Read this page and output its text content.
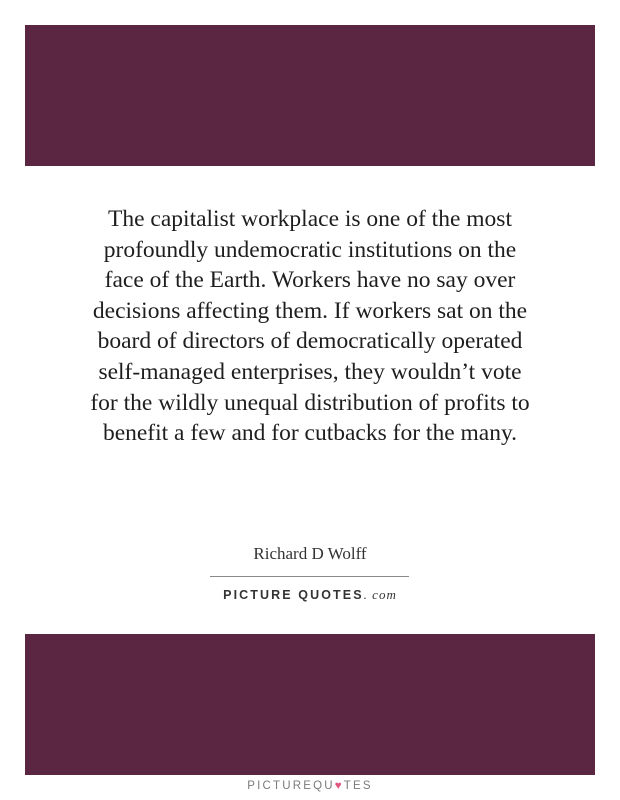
The capitalist workplace is one of the most
profoundly undemocratic institutions on the
face of the Earth. Workers have no say over
decisions affecting them. If workers sat on the
board of directors of democratically operated
self-managed enterprises, they wouldn’t vote
for the wildly unequal distribution of profits to
benefit a few and for cutbacks for the many.

Richard D Wolff
PICTURE QUOTES. com
PICTUREQU♥TES
